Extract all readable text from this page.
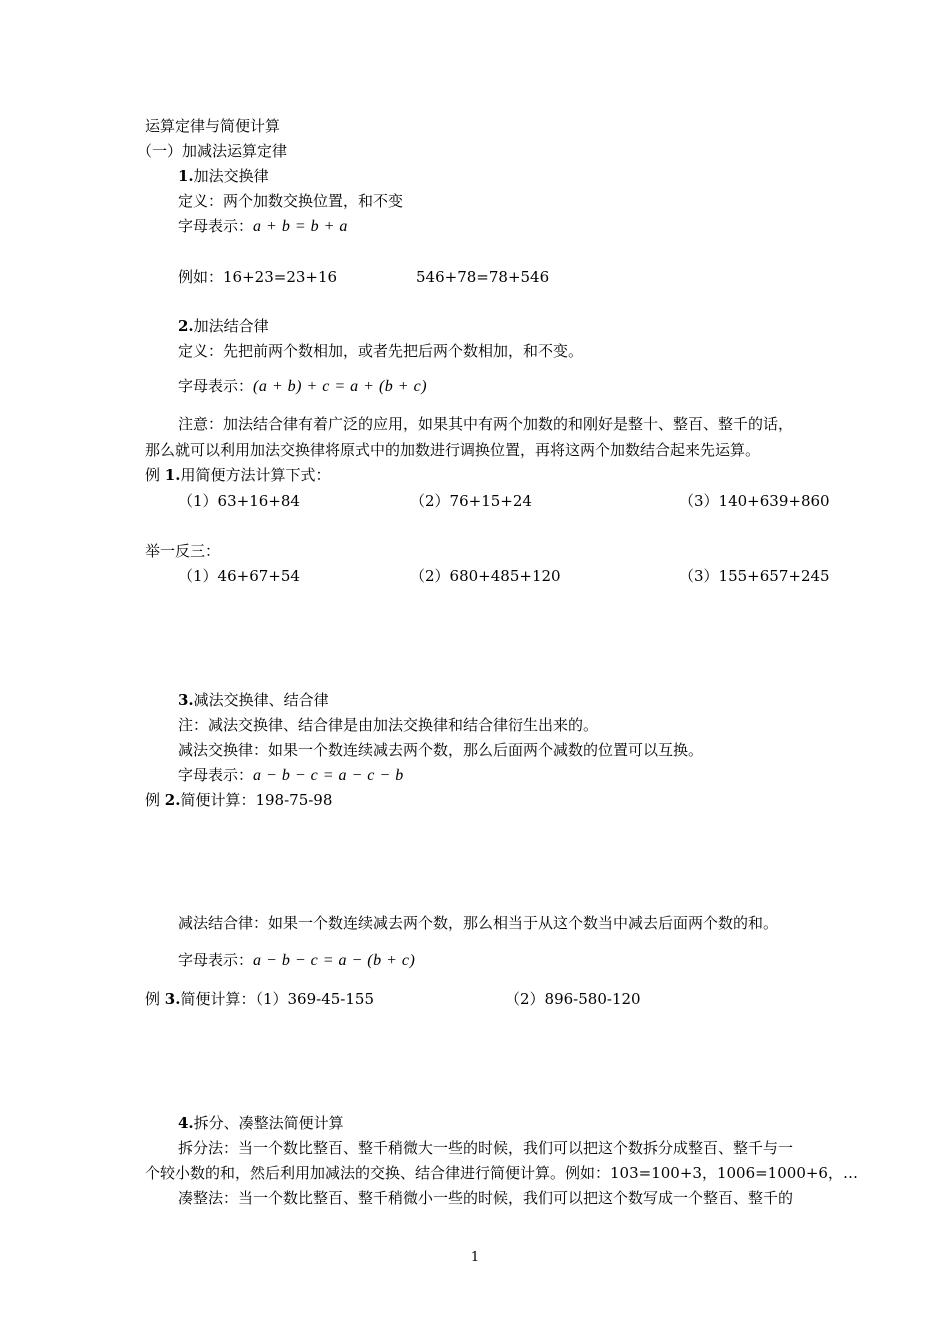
运算定律与简便计算
（一）加减法运算定律
1.加法交换律
定义：两个加数交换位置，和不变
字母表示：a + b = b + a
例如：16+23=23+16	546+78=78+546
2.加法结合律
定义：先把前两个数相加，或者先把后两个数相加，和不变。
字母表示：(a + b) + c = a + (b + c)
注意：加法结合律有着广泛的应用，如果其中有两个加数的和刚好是整十、整百、整千的话，
那么就可以利用加法交换律将原式中的加数进行调换位置，再将这两个加数结合起来先运算。
例 1.用简便方法计算下式：
（1）63+16+84	（2）76+15+24	（3）140+639+860
举一反三：
（1）46+67+54	（2）680+485+120	（3）155+657+245
3.减法交换律、结合律
注：减法交换律、结合律是由加法交换律和结合律衍生出来的。
减法交换律：如果一个数连续减去两个数，那么后面两个减数的位置可以互换。
字母表示：a − b − c = a − c − b
例 2.简便计算：198-75-98
减法结合律：如果一个数连续减去两个数，那么相当于从这个数当中减去后面两个数的和。
字母表示：a − b − c = a − (b + c)
例 3.简便计算：（1）369-45-155	（2）896-580-120
4.拆分、凑整法简便计算
拆分法：当一个数比整百、整千稍微大一些的时候，我们可以把这个数拆分成整百、整千与一
个较小数的和，然后利用加减法的交换、结合律进行简便计算。例如：103=100+3，1006=1000+6，…
凑整法：当一个数比整百、整千稍微小一些的时候，我们可以把这个数写成一个整百、整千的
1
